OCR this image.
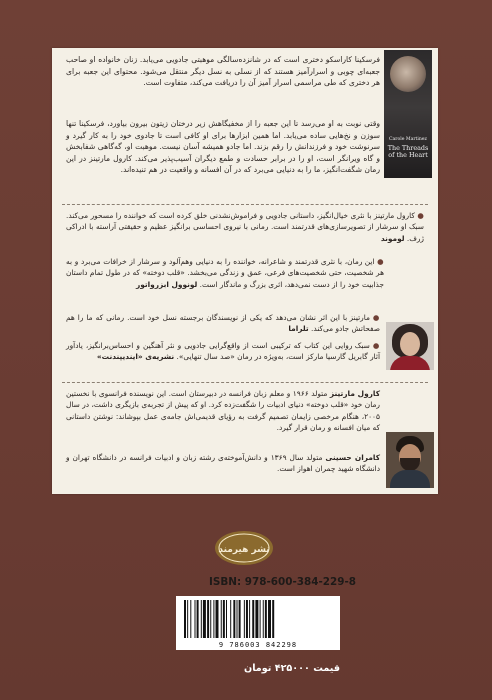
فرسکینا کاراسکو دختری است که در شانزده‌سالگی موهبتی جادویی می‌یابد. زنان خانواده او صاحب جعبه‌ای چوبی و اسرارآمیز هستند که از نسلی به نسل دیگر منتقل می‌شود. محتوای این جعبه برای هر دختری که طی مراسمی اسرار آمیز آن را دریافت می‌کند، متفاوت است.
وقتی نوبت به او می‌رسد تا این جعبه را از مخفیگاهش زیر درختان زیتون بیرون بیاورد، فرسکینا تنها سوزن و نخ‌هایی ساده می‌یابد. اما همین ابزارها برای او کافی است تا جادوی خود را به کار گیرد و سرنوشت خود و فرزندانش را رقم بزند. اما جادو همیشه آسان نیست. موهبت او، گه‌گاهی شفابخش و گاه ویرانگر است، او را در برابر حسادت و طمع دیگران آسیب‌پذیر می‌کند. کارول مارتینز در این رمان شگفت‌انگیز، ما را به دنیایی می‌برد که در آن افسانه و واقعیت در هم تنیده‌اند.
Carole Martinez
The Threads of the Heart
● کارول مارتینز با نثری خیال‌انگیز، داستانی جادویی و فراموش‌نشدنی خلق کرده است که خواننده را مسحور می‌کند. سبک او سرشار از تصویرسازی‌های قدرتمند است. رمانی با نیروی احساسی برانگیز عظیم و حقیقتی آراسته با ادراکی ژرف. لوموند
● این رمان، با نثری قدرتمند و شاعرانه، خواننده را به دنیایی وهم‌آلود و سرشار از خرافات می‌برد و به هر شخصیت، حتی شخصیت‌های فرعی، عمق و زندگی می‌بخشد. «قلب دوخته» که در طول تمام داستان جذابیت خود را از دست نمی‌دهد، اثری بزرگ و ماندگار است. لونوول ابزرواتور
● مارتینز با این اثر نشان می‌دهد که یکی از نویسندگان برجسته نسل خود است. رمانی که ما را هم صفحاتش جادو می‌کند. تلراما
● سبک روایی این کتاب که ترکیبی است از واقع‌گرایی جادویی و نثر آهنگین و احساس‌برانگیز، یادآور آثار گابریل گارسیا مارکز است، به‌ویژه در رمان «صد سال تنهایی». نشریه‌ی «ایندیپندنت»
کارول مارتینز متولد ۱۹۶۶ و معلم زبان فرانسه در دبیرستان است. این نویسنده فرانسوی با نخستین رمان خود «قلب دوخته» دنیای ادبیات را شگفت‌زده کرد. او که پیش از تجربه‌ی بازیگری داشت، در سال ۲۰۰۵، هنگام مرخصی زایمان تصمیم گرفت به رؤیای قدیمی‌اش جامه‌ی عمل بپوشاند: نوشتن داستانی که میان افسانه و رمان قرار گیرد.
کامران حسینی متولد سال ۱۳۶۹ و دانش‌آموخته‌ی رشته زبان و ادبیات فرانسه در دانشگاه تهران و دانشگاه شهید چمران اهواز است.
نشر هیرمند
ISBN: 978-600-384-229-8
9 786003 842298
قیمت ۴۲۵۰۰۰ تومان
